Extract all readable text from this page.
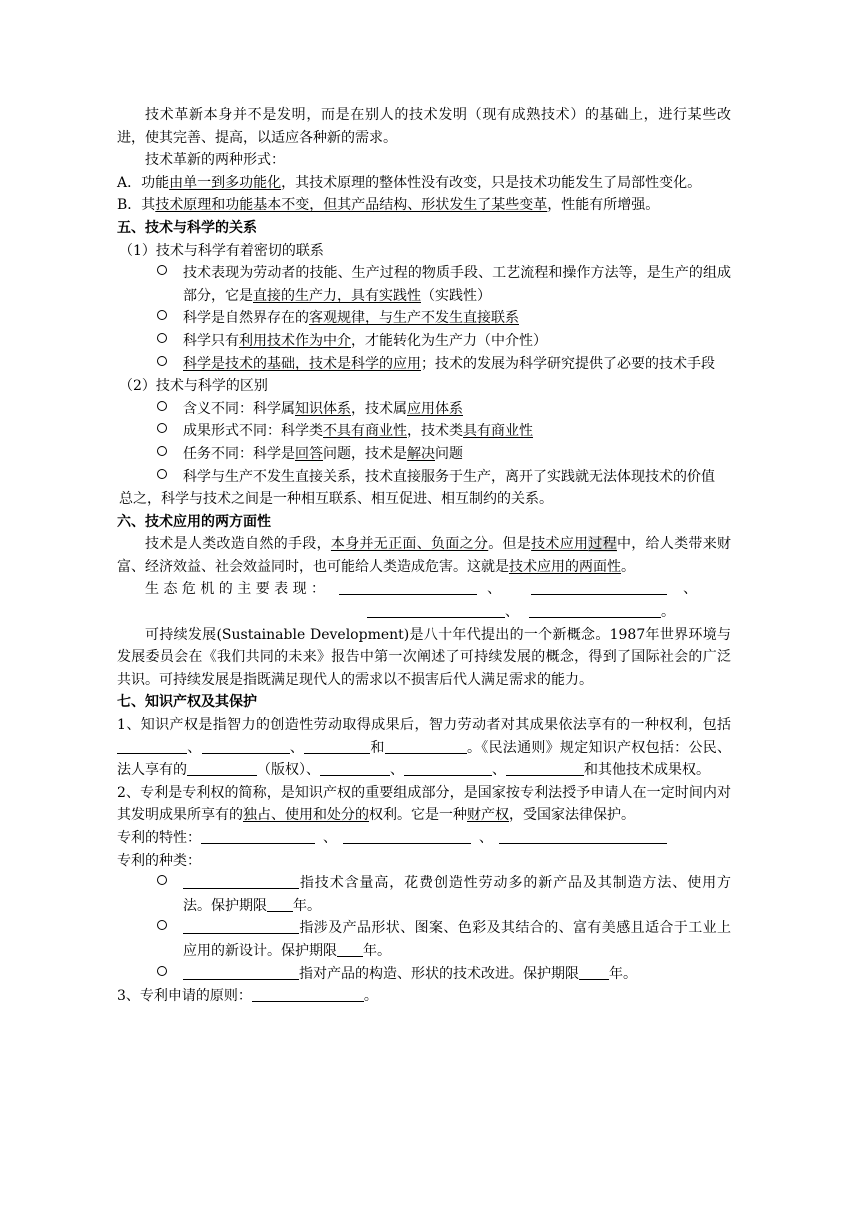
技术革新本身并不是发明，而是在别人的技术发明（现有成熟技术）的基础上，进行某些改进，使其完善、提高，以适应各种新的需求。

技术革新的两种形式：

A．功能由单一到多功能化，其技术原理的整体性没有改变，只是技术功能发生了局部性变化。

B．其技术原理和功能基本不变，但其产品结构、形状发生了某些变革，性能有所增强。

五、技术与科学的关系

（1）技术与科学有着密切的联系

技术表现为劳动者的技能、生产过程的物质手段、工艺流程和操作方法等，是生产的组成部分，它是直接的生产力，具有实践性（实践性）
科学是自然界存在的客观规律，与生产不发生直接联系
科学只有利用技术作为中介，才能转化为生产力（中介性）
科学是技术的基础，技术是科学的应用；技术的发展为科学研究提供了必要的技术手段

（2）技术与科学的区别

含义不同：科学属知识体系，技术属应用体系
成果形式不同：科学类不具有商业性，技术类具有商业性
任务不同：科学是回答问题，技术是解决问题
科学与生产不发生直接关系，技术直接服务于生产，离开了实践就无法体现技术的价值

总之，科学与技术之间是一种相互联系、相互促进、相互制约的关系。

六、技术应用的两方面性

技术是人类改造自然的手段，本身并无正面、负面之分。但是技术应用过程中，给人类带来财富、经济效益、社会效益同时，也可能给人类造成危害。这就是技术应用的两面性。

生 态 危 机 的 主 要 表 现 ：	、	、

、	。

可持续发展(Sustainable Development)是八十年代提出的一个新概念。1987年世界环境与发展委员会在《我们共同的未来》报告中第一次阐述了可持续发展的概念，得到了国际社会的广泛共识。可持续发展是指既满足现代人的需求以不损害后代人满足需求的能力。

七、知识产权及其保护

1、知识产权是指智力的创造性劳动取得成果后，智力劳动者对其成果依法享有的一种权利，包括、	、	和	。《民法通则》规定知识产权包括：公民、法人享有的	（版权）、	、	、	和其他技术成果权。

2、专利是专利权的简称，是知识产权的重要组成部分，是国家按专利法授予申请人在一定时间内对其发明成果所享有的独占、使用和处分的权利。它是一种财产权，受国家法律保护。

专利的特性：	、	、

专利的种类：

指技术含量高，花费创造性劳动多的新产品及其制造方法、使用方法。保护期限 年。
指涉及产品形状、图案、色彩及其结合的、富有美感且适合于工业上应用的新设计。保护期限 年。
指对产品的构造、形状的技术改进。保护期限 年。

3、专利申请的原则：	。
